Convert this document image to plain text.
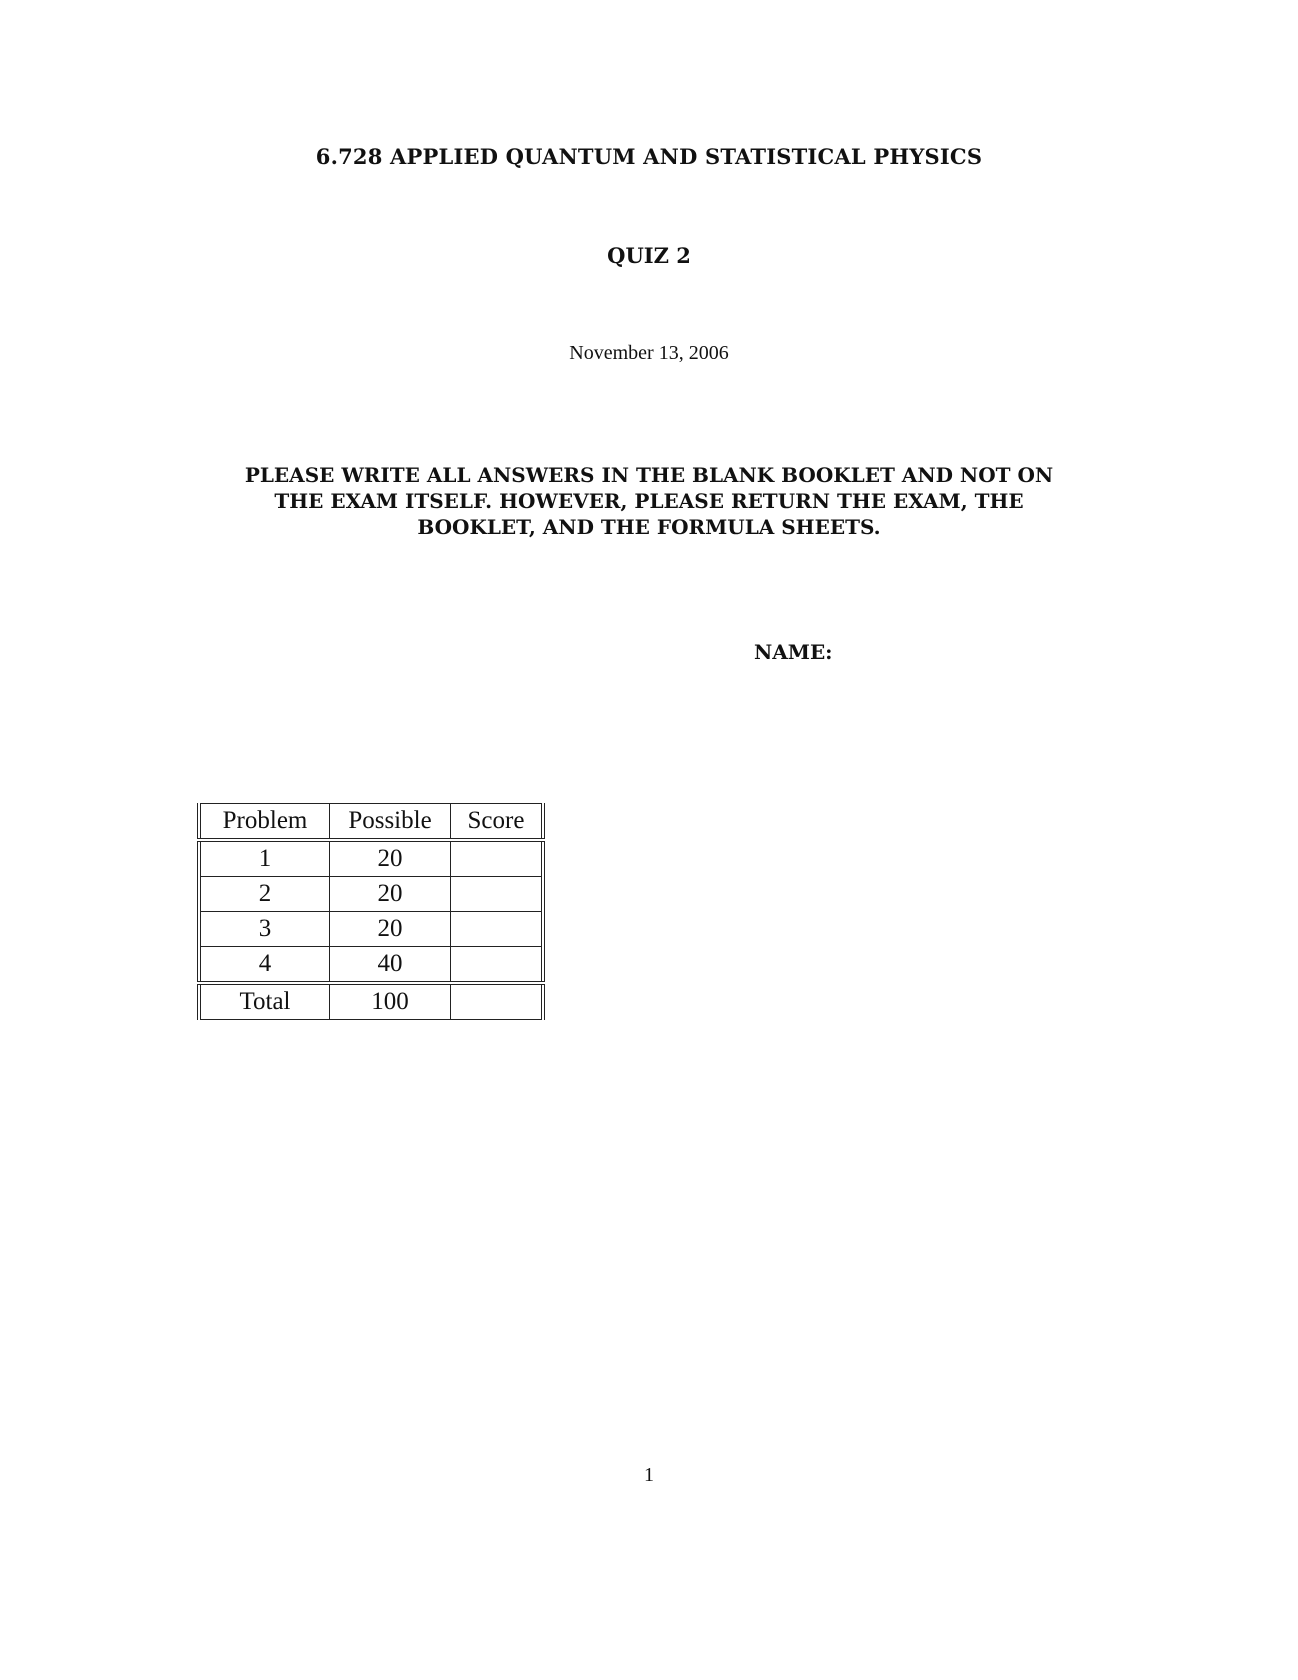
6.728 APPLIED QUANTUM AND STATISTICAL PHYSICS
QUIZ 2
November 13, 2006
PLEASE WRITE ALL ANSWERS IN THE BLANK BOOKLET AND NOT ON
THE EXAM ITSELF. HOWEVER, PLEASE RETURN THE EXAM, THE
BOOKLET, AND THE FORMULA SHEETS.
NAME:
Problem	Possible	Score
1	20	
2	20	
3	20	
4	40	
Total	100	
1
